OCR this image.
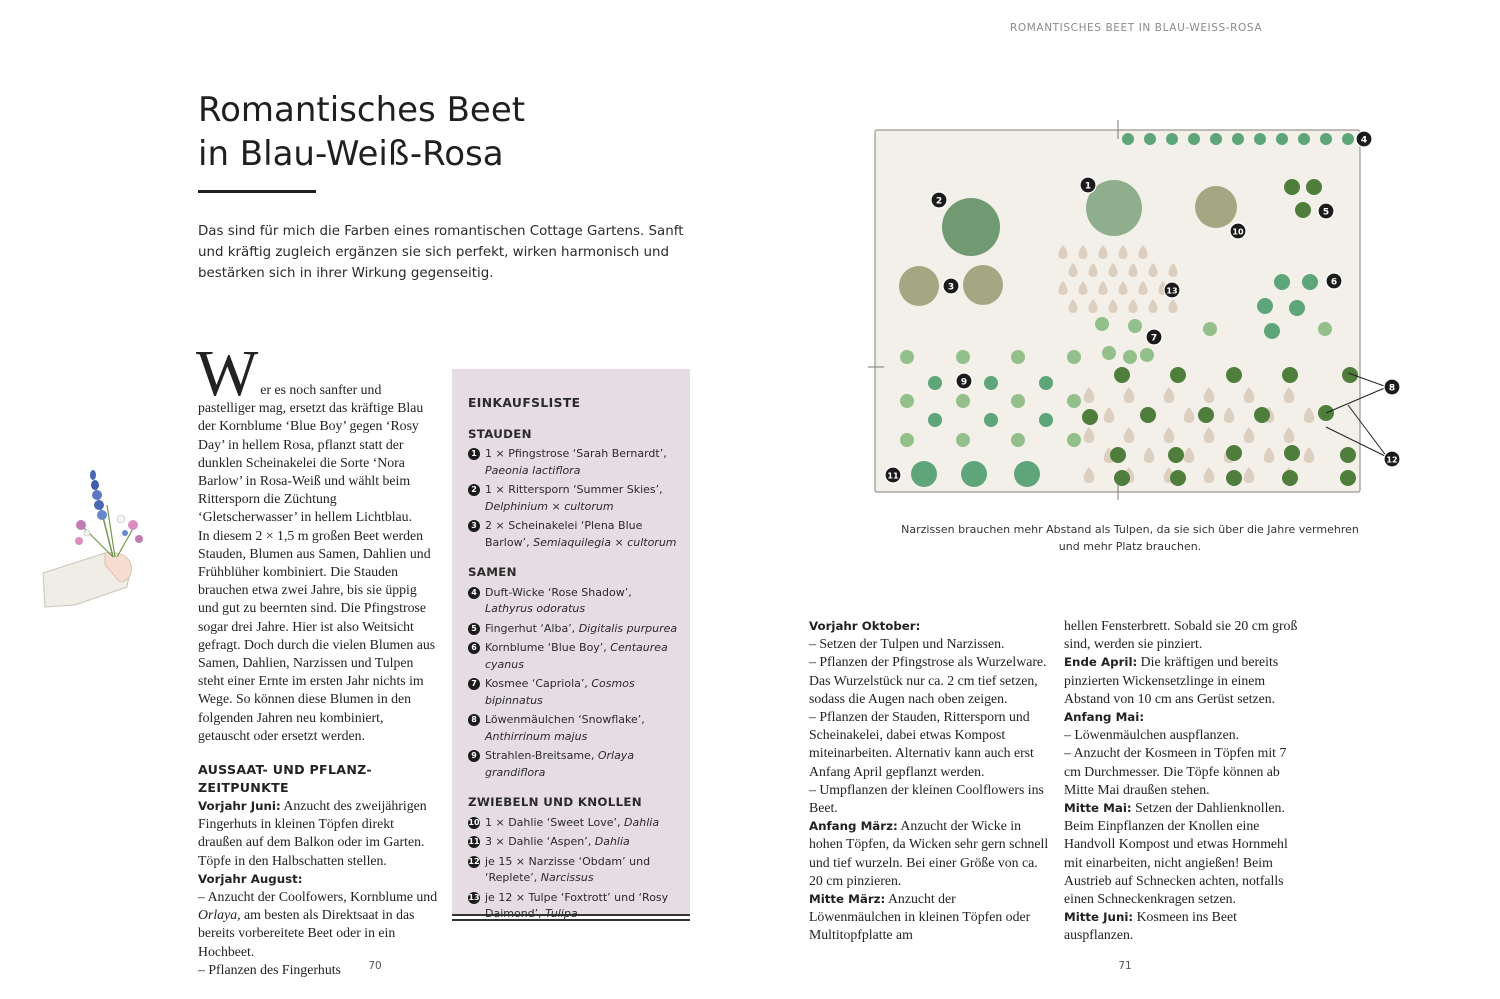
ROMANTISCHES BEET IN BLAU-WEISS-ROSA
Romantisches Beet
in Blau-Weiß-Rosa
Das sind für mich die Farben eines romantischen Cottage Gartens. Sanft und kräftig zugleich ergänzen sie sich perfekt, wirken harmonisch und bestärken sich in ihrer Wirkung gegenseitig.
W er es noch sanfter und pastelliger mag, ersetzt das kräftige Blau der Kornblume ‘Blue Boy’ gegen ‘Rosy Day’ in hellem Rosa, pflanzt statt der dunklen Scheinakelei die Sorte ‘Nora Barlow’ in Rosa-Weiß und wählt beim Rittersporn die Züchtung ‘Gletscherwasser’ in hellem Lichtblau.

In diesem 2 × 1,5 m großen Beet werden Stauden, Blumen aus Samen, Dahlien und Frühblüher kombiniert. Die Stauden brauchen etwa zwei Jahre, bis sie üppig und gut zu beernten sind. Die Pfingstrose sogar drei Jahre. Hier ist also Weitsicht gefragt. Doch durch die vielen Blumen aus Samen, Dahlien, Narzissen und Tulpen steht einer Ernte im ersten Jahr nichts im Wege. So können diese Blumen in den folgenden Jahren neu kombiniert, getauscht oder ersetzt werden.

AUSSAAT- UND PFLANZ-ZEITPUNKTE
Vorjahr Juni: Anzucht des zweijährigen Fingerhuts in kleinen Töpfen direkt draußen auf dem Balkon oder im Garten. Töpfe in den Halbschatten stellen.
Vorjahr August:
– Anzucht der Coolfowers, Kornblume und Orlaya, am besten als Direktsaat in das bereits vorbereitete Beet oder in ein Hochbeet.
– Pflanzen des Fingerhuts
EINKAUFSLISTE
STAUDEN
1 1 × Pfingstrose ‘Sarah Bernardt’, Paeonia lactiflora
2 1 × Rittersporn ‘Summer Skies’, Delphinium × cultorum
3 2 × Scheinakelei ‘Plena Blue Barlow’, Semiaquilegia × cultorum
SAMEN
4 Duft-Wicke ‘Rose Shadow’, Lathyrus odoratus
5 Fingerhut ‘Alba’, Digitalis purpurea
6 Kornblume ‘Blue Boy’, Centaurea cyanus
7 Kosmee ‘Capriola’, Cosmos bipinnatus
8 Löwenmäulchen ‘Snowflake’, Anthirrinum majus
9 Strahlen-Breitsame, Orlaya grandiflora
ZWIEBELN UND KNOLLEN
10 1 × Dahlie ‘Sweet Love’, Dahlia
11 3 × Dahlie ‘Aspen’, Dahlia
12 je 15 × Narzisse ‘Obdam’ und ‘Replete’, Narcissus
13 je 12 × Tulpe ‘Foxtrott’ und ‘Rosy Daimond’, Tulipa
1
2
3
4
5
6
7
8
9
10
11
12
13
Narzissen brauchen mehr Abstand als Tulpen, da sie sich über die Jahre vermehren
und mehr Platz brauchen.
Vorjahr Oktober:
– Setzen der Tulpen und Narzissen.
– Pflanzen der Pfingstrose als Wurzelware. Das Wurzelstück nur ca. 2 cm tief setzen, sodass die Augen nach oben zeigen.
– Pflanzen der Stauden, Rittersporn und Scheinakelei, dabei etwas Kompost miteinarbeiten. Alternativ kann auch erst Anfang April gepflanzt werden.
– Umpflanzen der kleinen Coolflowers ins Beet.
Anfang März: Anzucht der Wicke in hohen Töpfen, da Wicken sehr gern schnell und tief wurzeln. Bei einer Größe von ca. 20 cm pinzieren.
Mitte März: Anzucht der Löwenmäulchen in kleinen Töpfen oder Multitopfplatte am
hellen Fensterbrett. Sobald sie 20 cm groß sind, werden sie pinziert.
Ende April: Die kräftigen und bereits pinzierten Wickensetzlinge in einem Abstand von 10 cm ans Gerüst setzen.
Anfang Mai:
– Löwenmäulchen auspflanzen.
– Anzucht der Kosmeen in Töpfen mit 7 cm Durchmesser. Die Töpfe können ab Mitte Mai draußen stehen.
Mitte Mai: Setzen der Dahlienknollen. Beim Einpflanzen der Knollen eine Handvoll Kompost und etwas Hornmehl mit einarbeiten, nicht angießen! Beim Austrieb auf Schnecken achten, notfalls einen Schneckenkragen setzen.
Mitte Juni: Kosmeen ins Beet auspflanzen.
70	71
